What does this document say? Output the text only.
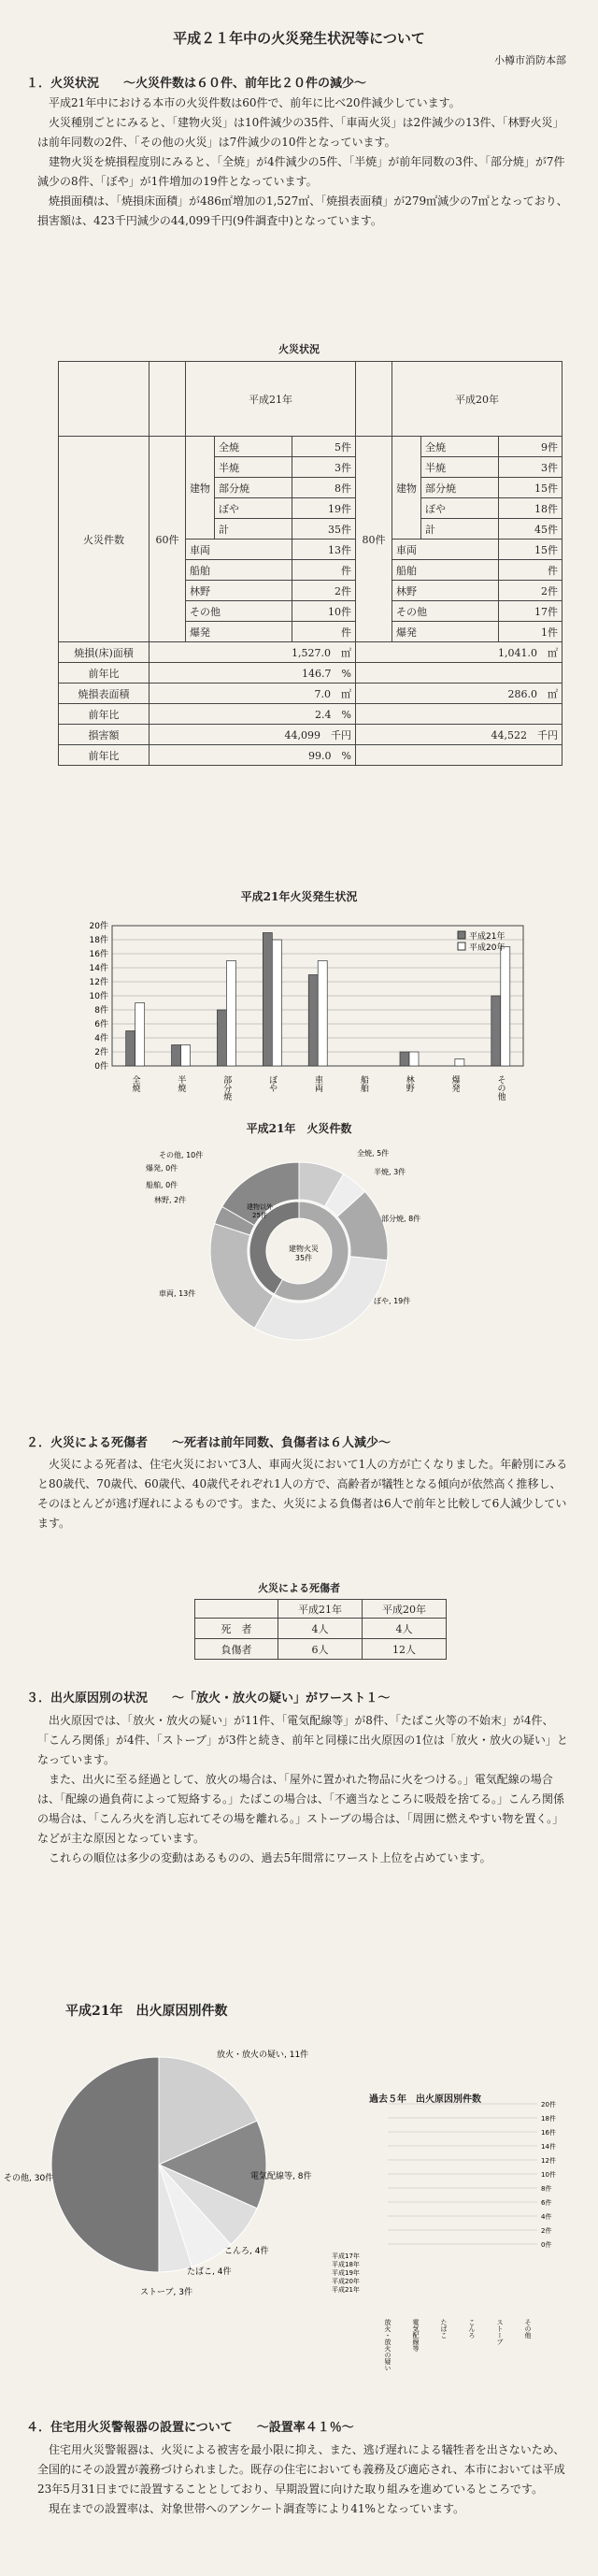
平成２１年中の火災発生状況等について
小樽市消防本部
１．火災状況　　～火災件数は６０件、前年比２０件の減少～
平成21年中における本市の火災件数は60件で、前年に比べ20件減少しています。
火災種別ごとにみると、「建物火災」は10件減少の35件、「車両火災」は2件減少の13件、「林野火災」は前年同数の2件、「その他の火災」は7件減少の10件となっています。
建物火災を焼損程度別にみると、「全焼」が4件減少の5件、「半焼」が前年同数の3件、「部分焼」が7件減少の8件、「ぼや」が1件増加の19件となっています。
焼損面積は、「焼損床面積」が486㎡増加の1,527㎡、「焼損表面積」が279㎡減少の7㎡となっており、損害額は、423千円減少の44,099千円(9件調査中)となっています。
火災状況
		平成21年				平成20年		
火災件数	60件	建物	全焼	5件	80件	建物	全焼	9件
			半焼	3件			半焼	3件
			部分焼	8件			部分焼	15件
			ぼや	19件			ぼや	18件
			計	35件			計	45件
		車両		13件		車両		15件
		船舶		件		船舶		件
		林野		2件		林野		2件
		その他		10件		その他		17件
		爆発		件		爆発		1件
焼損(床)面積	1,527.0　㎡				1,041.0　㎡			
前年比	146.7　%							
焼損表面積	7.0　㎡				286.0　㎡			
前年比	2.4　%							
損害額	44,099　千円				44,522　千円			
前年比	99.0　%							
平成21年火災発生状況
0件
2件
4件
6件
8件
10件
12件
14件
16件
18件
20件
全焼	半焼	部分焼	ぼや	車両	船舶	林野	爆発	その他
平成21年
平成20年
平成21年　火災件数
建物火災
35件
建物以外
25件
全焼, 5件
半焼, 3件
部分焼, 8件
ぼや, 19件
車両, 13件
林野, 2件
船舶, 0件
爆発, 0件
その他, 10件
２．火災による死傷者　　～死者は前年同数、負傷者は６人減少～
火災による死者は、住宅火災において3人、車両火災において1人の方が亡くなりました。年齢別にみると80歳代、70歳代、60歳代、40歳代それぞれ1人の方で、高齢者が犠牲となる傾向が依然高く推移し、そのほとんどが逃げ遅れによるものです。また、火災による負傷者は6人で前年と比較して6人減少しています。
火災による死傷者
	平成21年	平成20年
死　者	4人	4人
負傷者	6人	12人
３．出火原因別の状況　　～「放火・放火の疑い」がワースト１～
出火原因では、「放火・放火の疑い」が11件、「電気配線等」が8件、「たばこ火等の不始末」が4件、「こんろ関係」が4件、「ストーブ」が3件と続き、前年と同様に出火原因の1位は「放火・放火の疑い」となっています。
また、出火に至る経過として、放火の場合は、「屋外に置かれた物品に火をつける。」電気配線の場合は、「配線の過負荷によって短絡する。」たばこの場合は、「不適当なところに吸殻を捨てる。」こんろ関係の場合は、「こんろ火を消し忘れてその場を離れる。」ストーブの場合は、「周囲に燃えやすい物を置く。」などが主な原因となっています。
これらの順位は多少の変動はあるものの、過去5年間常にワースト上位を占めています。
平成21年　出火原因別件数
放火・放火の疑い, 11件
電気配線等, 8件
こんろ, 4件
たばこ, 4件
ストーブ, 3件
その他, 30件
過去５年　出火原因別件数
0件
2件
4件
6件
8件
10件
12件
14件
16件
18件
20件
平成17年
平成18年
平成19年
平成20年
平成21年
放火・放火の疑い	電気配線等	たばこ	こんろ	ストーブ	その他
４．住宅用火災警報器の設置について　　～設置率４１％～
住宅用火災警報器は、火災による被害を最小限に抑え、また、逃げ遅れによる犠牲者を出さないため、全国的にその設置が義務づけられました。既存の住宅においても義務及び適応され、本市においては平成23年5月31日までに設置することとしており、早期設置に向けた取り組みを進めているところです。
現在までの設置率は、対象世帯へのアンケート調査等により41%となっています。
